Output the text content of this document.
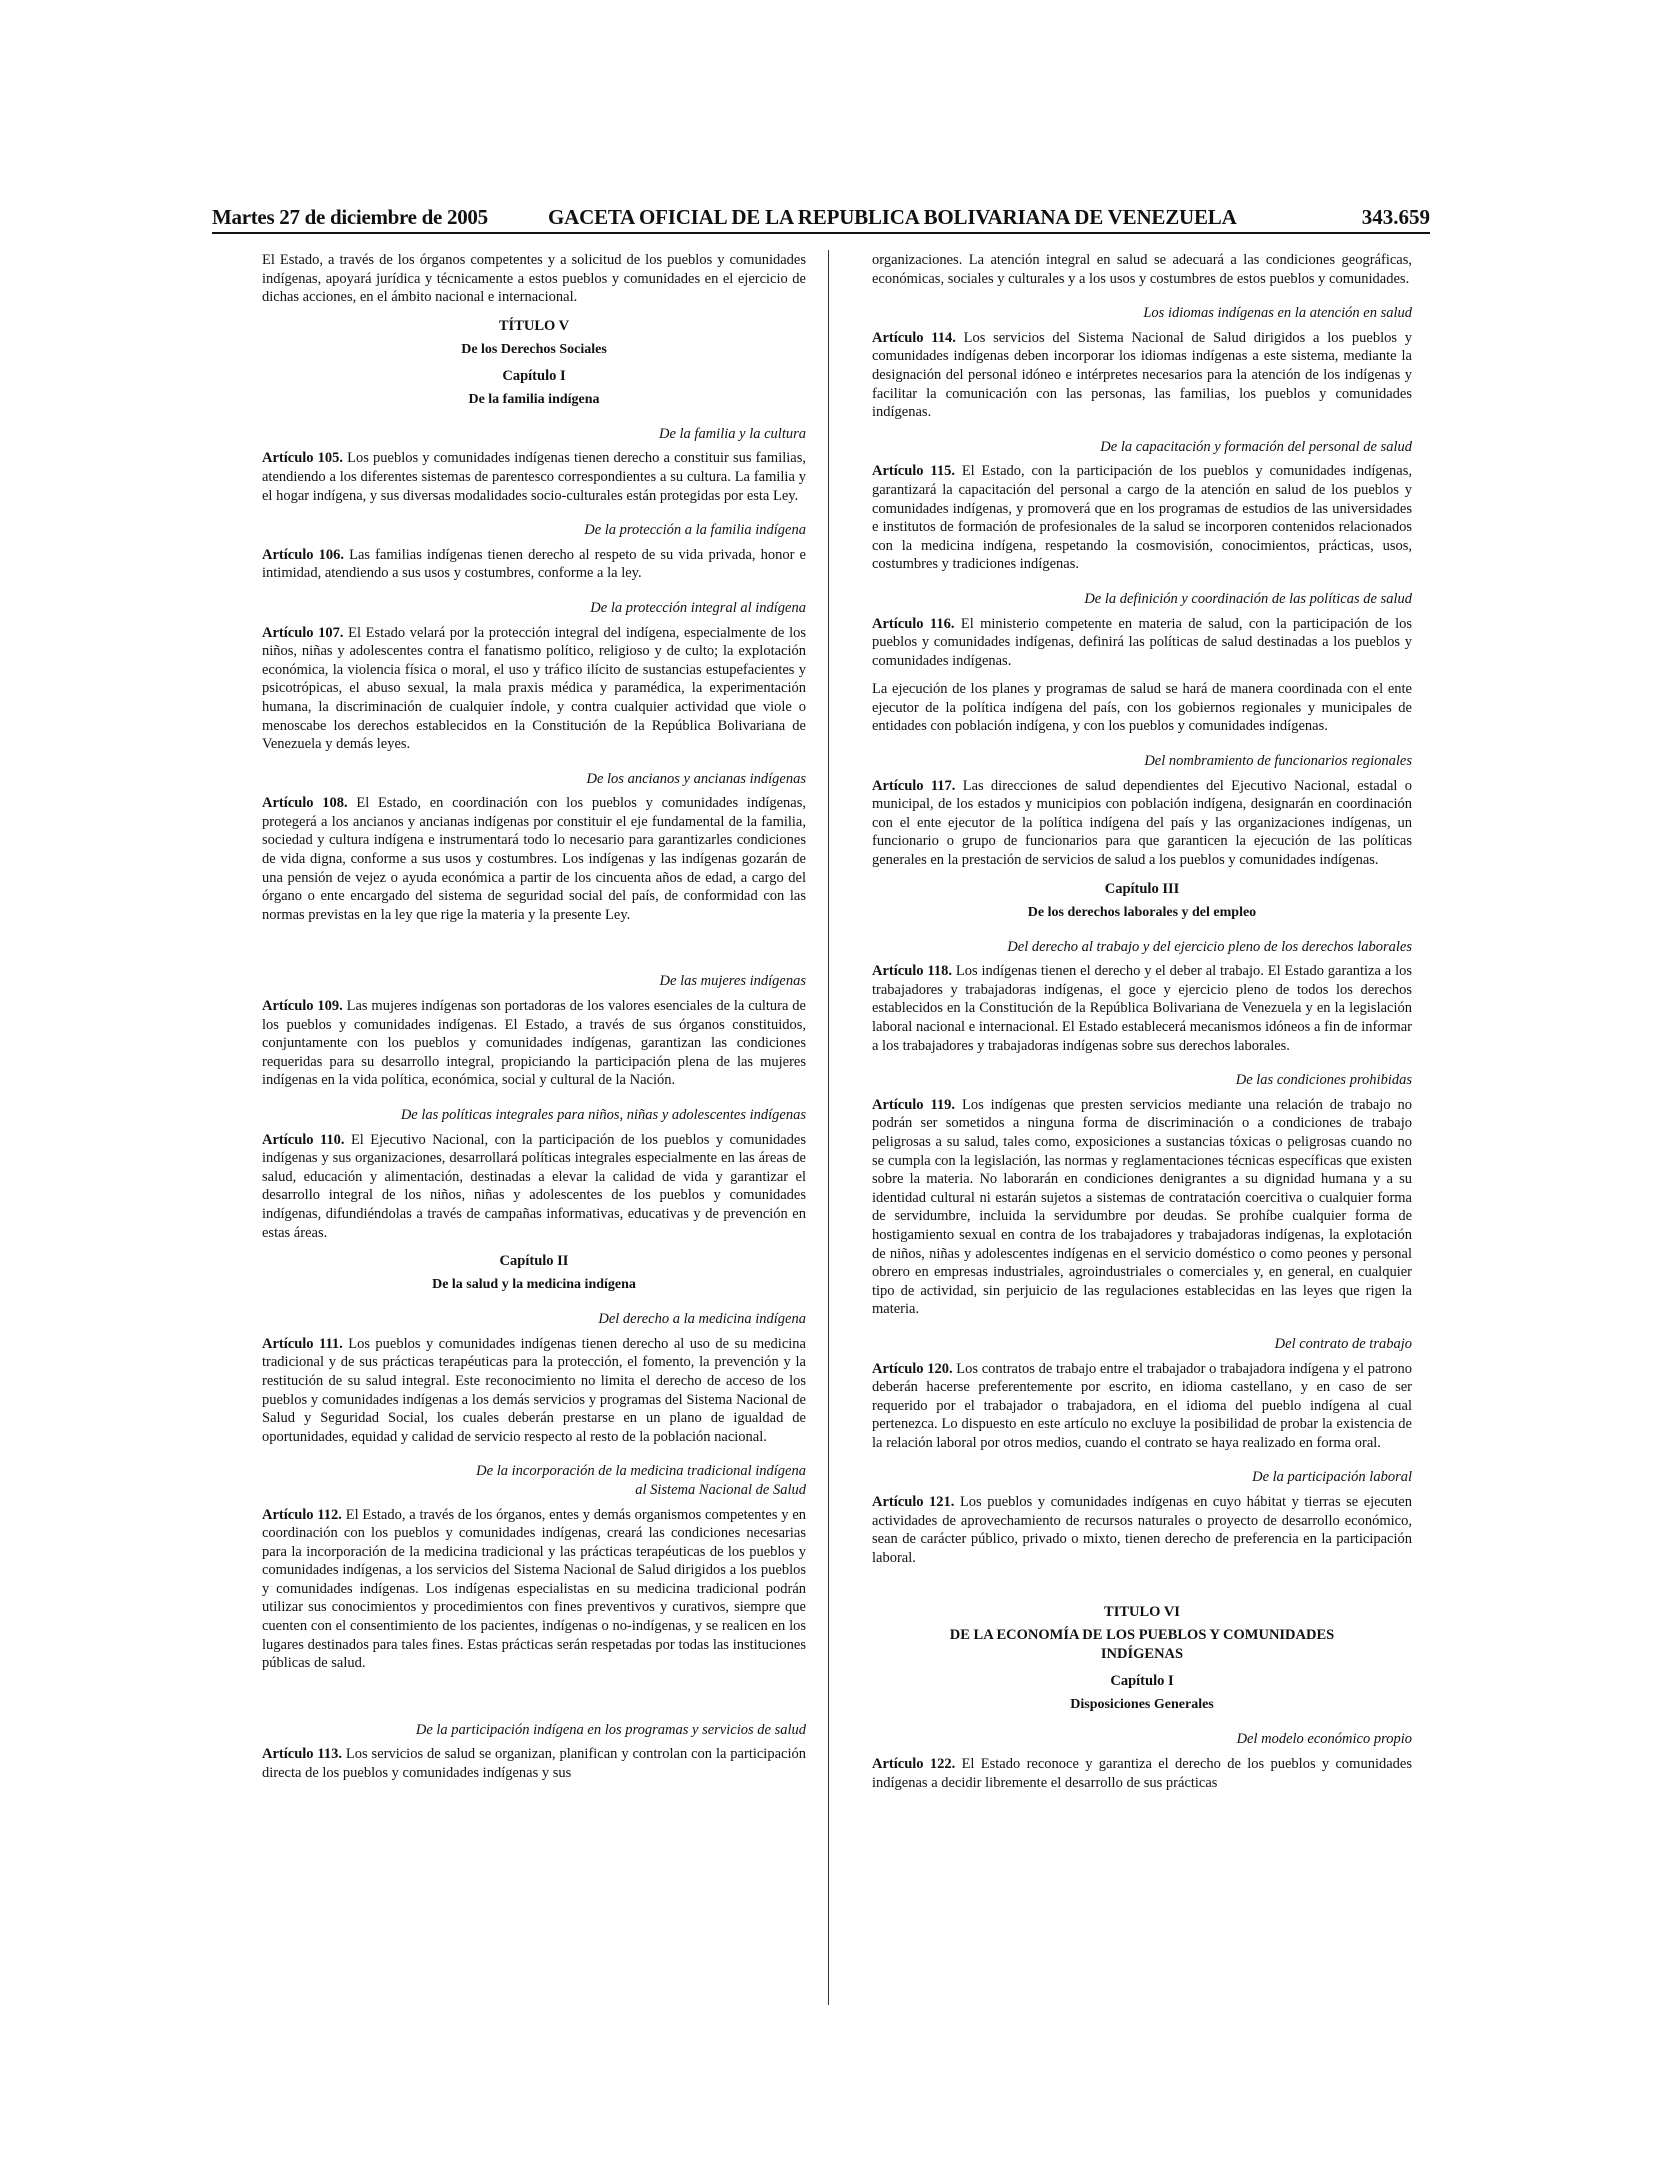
Martes 27 de diciembre de 2005	GACETA OFICIAL DE LA REPUBLICA BOLIVARIANA DE VENEZUELA	343.659

El Estado, a través de los órganos competentes y a solicitud de los pueblos y comunidades indígenas, apoyará jurídica y técnicamente a estos pueblos y comunidades en el ejercicio de dichas acciones, en el ámbito nacional e internacional.

TÍTULO V
De los Derechos Sociales
Capítulo I
De la familia indígena
De la familia y la cultura

Artículo 105. Los pueblos y comunidades indígenas tienen derecho a constituir sus familias, atendiendo a los diferentes sistemas de parentesco correspondientes a su cultura. La familia y el hogar indígena, y sus diversas modalidades socio-culturales están protegidas por esta Ley.

De la protección a la familia indígena

Artículo 106. Las familias indígenas tienen derecho al respeto de su vida privada, honor e intimidad, atendiendo a sus usos y costumbres, conforme a la ley.

De la protección integral al indígena

Artículo 107. El Estado velará por la protección integral del indígena, especialmente de los niños, niñas y adolescentes contra el fanatismo político, religioso y de culto; la explotación económica, la violencia física o moral, el uso y tráfico ilícito de sustancias estupefacientes y psicotrópicas, el abuso sexual, la mala praxis médica y paramédica, la experimentación humana, la discriminación de cualquier índole, y contra cualquier actividad que viole o menoscabe los derechos establecidos en la Constitución de la República Bolivariana de Venezuela y demás leyes.

De los ancianos y ancianas indígenas

Artículo 108. El Estado, en coordinación con los pueblos y comunidades indígenas, protegerá a los ancianos y ancianas indígenas por constituir el eje fundamental de la familia, sociedad y cultura indígena e instrumentará todo lo necesario para garantizarles condiciones de vida digna, conforme a sus usos y costumbres. Los indígenas y las indígenas gozarán de una pensión de vejez o ayuda económica a partir de los cincuenta años de edad, a cargo del órgano o ente encargado del sistema de seguridad social del país, de conformidad con las normas previstas en la ley que rige la materia y la presente Ley.

De las mujeres indígenas

Artículo 109. Las mujeres indígenas son portadoras de los valores esenciales de la cultura de los pueblos y comunidades indígenas. El Estado, a través de sus órganos constituidos, conjuntamente con los pueblos y comunidades indígenas, garantizan las condiciones requeridas para su desarrollo integral, propiciando la participación plena de las mujeres indígenas en la vida política, económica, social y cultural de la Nación.

De las políticas integrales para niños, niñas y adolescentes indígenas

Artículo 110. El Ejecutivo Nacional, con la participación de los pueblos y comunidades indígenas y sus organizaciones, desarrollará políticas integrales especialmente en las áreas de salud, educación y alimentación, destinadas a elevar la calidad de vida y garantizar el desarrollo integral de los niños, niñas y adolescentes de los pueblos y comunidades indígenas, difundiéndolas a través de campañas informativas, educativas y de prevención en estas áreas.

Capítulo II
De la salud y la medicina indígena
Del derecho a la medicina indígena

Artículo 111. Los pueblos y comunidades indígenas tienen derecho al uso de su medicina tradicional y de sus prácticas terapéuticas para la protección, el fomento, la prevención y la restitución de su salud integral. Este reconocimiento no limita el derecho de acceso de los pueblos y comunidades indígenas a los demás servicios y programas del Sistema Nacional de Salud y Seguridad Social, los cuales deberán prestarse en un plano de igualdad de oportunidades, equidad y calidad de servicio respecto al resto de la población nacional.

De la incorporación de la medicina tradicional indígena
al Sistema Nacional de Salud

Artículo 112. El Estado, a través de los órganos, entes y demás organismos competentes y en coordinación con los pueblos y comunidades indígenas, creará las condiciones necesarias para la incorporación de la medicina tradicional y las prácticas terapéuticas de los pueblos y comunidades indígenas, a los servicios del Sistema Nacional de Salud dirigidos a los pueblos y comunidades indígenas. Los indígenas especialistas en su medicina tradicional podrán utilizar sus conocimientos y procedimientos con fines preventivos y curativos, siempre que cuenten con el consentimiento de los pacientes, indígenas o no-indígenas, y se realicen en los lugares destinados para tales fines. Estas prácticas serán respetadas por todas las instituciones públicas de salud.

De la participación indígena en los programas y servicios de salud

Artículo 113. Los servicios de salud se organizan, planifican y controlan con la participación directa de los pueblos y comunidades indígenas y sus

organizaciones. La atención integral en salud se adecuará a las condiciones geográficas, económicas, sociales y culturales y a los usos y costumbres de estos pueblos y comunidades.

Los idiomas indígenas en la atención en salud

Artículo 114. Los servicios del Sistema Nacional de Salud dirigidos a los pueblos y comunidades indígenas deben incorporar los idiomas indígenas a este sistema, mediante la designación del personal idóneo e intérpretes necesarios para la atención de los indígenas y facilitar la comunicación con las personas, las familias, los pueblos y comunidades indígenas.

De la capacitación y formación del personal de salud

Artículo 115. El Estado, con la participación de los pueblos y comunidades indígenas, garantizará la capacitación del personal a cargo de la atención en salud de los pueblos y comunidades indígenas, y promoverá que en los programas de estudios de las universidades e institutos de formación de profesionales de la salud se incorporen contenidos relacionados con la medicina indígena, respetando la cosmovisión, conocimientos, prácticas, usos, costumbres y tradiciones indígenas.

De la definición y coordinación de las políticas de salud

Artículo 116. El ministerio competente en materia de salud, con la participación de los pueblos y comunidades indígenas, definirá las políticas de salud destinadas a los pueblos y comunidades indígenas.

La ejecución de los planes y programas de salud se hará de manera coordinada con el ente ejecutor de la política indígena del país, con los gobiernos regionales y municipales de entidades con población indígena, y con los pueblos y comunidades indígenas.

Del nombramiento de funcionarios regionales

Artículo 117. Las direcciones de salud dependientes del Ejecutivo Nacional, estadal o municipal, de los estados y municipios con población indígena, designarán en coordinación con el ente ejecutor de la política indígena del país y las organizaciones indígenas, un funcionario o grupo de funcionarios para que garanticen la ejecución de las políticas generales en la prestación de servicios de salud a los pueblos y comunidades indígenas.

Capítulo III
De los derechos laborales y del empleo
Del derecho al trabajo y del ejercicio pleno de los derechos laborales

Artículo 118. Los indígenas tienen el derecho y el deber al trabajo. El Estado garantiza a los trabajadores y trabajadoras indígenas, el goce y ejercicio pleno de todos los derechos establecidos en la Constitución de la República Bolivariana de Venezuela y en la legislación laboral nacional e internacional. El Estado establecerá mecanismos idóneos a fin de informar a los trabajadores y trabajadoras indígenas sobre sus derechos laborales.

De las condiciones prohibidas

Artículo 119. Los indígenas que presten servicios mediante una relación de trabajo no podrán ser sometidos a ninguna forma de discriminación o a condiciones de trabajo peligrosas a su salud, tales como, exposiciones a sustancias tóxicas o peligrosas cuando no se cumpla con la legislación, las normas y reglamentaciones técnicas específicas que existen sobre la materia. No laborarán en condiciones denigrantes a su dignidad humana y a su identidad cultural ni estarán sujetos a sistemas de contratación coercitiva o cualquier forma de servidumbre, incluida la servidumbre por deudas. Se prohíbe cualquier forma de hostigamiento sexual en contra de los trabajadores y trabajadoras indígenas, la explotación de niños, niñas y adolescentes indígenas en el servicio doméstico o como peones y personal obrero en empresas industriales, agroindustriales o comerciales y, en general, en cualquier tipo de actividad, sin perjuicio de las regulaciones establecidas en las leyes que rigen la materia.

Del contrato de trabajo

Artículo 120. Los contratos de trabajo entre el trabajador o trabajadora indígena y el patrono deberán hacerse preferentemente por escrito, en idioma castellano, y en caso de ser requerido por el trabajador o trabajadora, en el idioma del pueblo indígena al cual pertenezca. Lo dispuesto en este artículo no excluye la posibilidad de probar la existencia de la relación laboral por otros medios, cuando el contrato se haya realizado en forma oral.

De la participación laboral

Artículo 121. Los pueblos y comunidades indígenas en cuyo hábitat y tierras se ejecuten actividades de aprovechamiento de recursos naturales o proyecto de desarrollo económico, sean de carácter público, privado o mixto, tienen derecho de preferencia en la participación laboral.

TITULO VI
DE LA ECONOMÍA DE LOS PUEBLOS Y COMUNIDADES INDÍGENAS
Capítulo I
Disposiciones Generales
Del modelo económico propio

Artículo 122. El Estado reconoce y garantiza el derecho de los pueblos y comunidades indígenas a decidir libremente el desarrollo de sus prácticas
